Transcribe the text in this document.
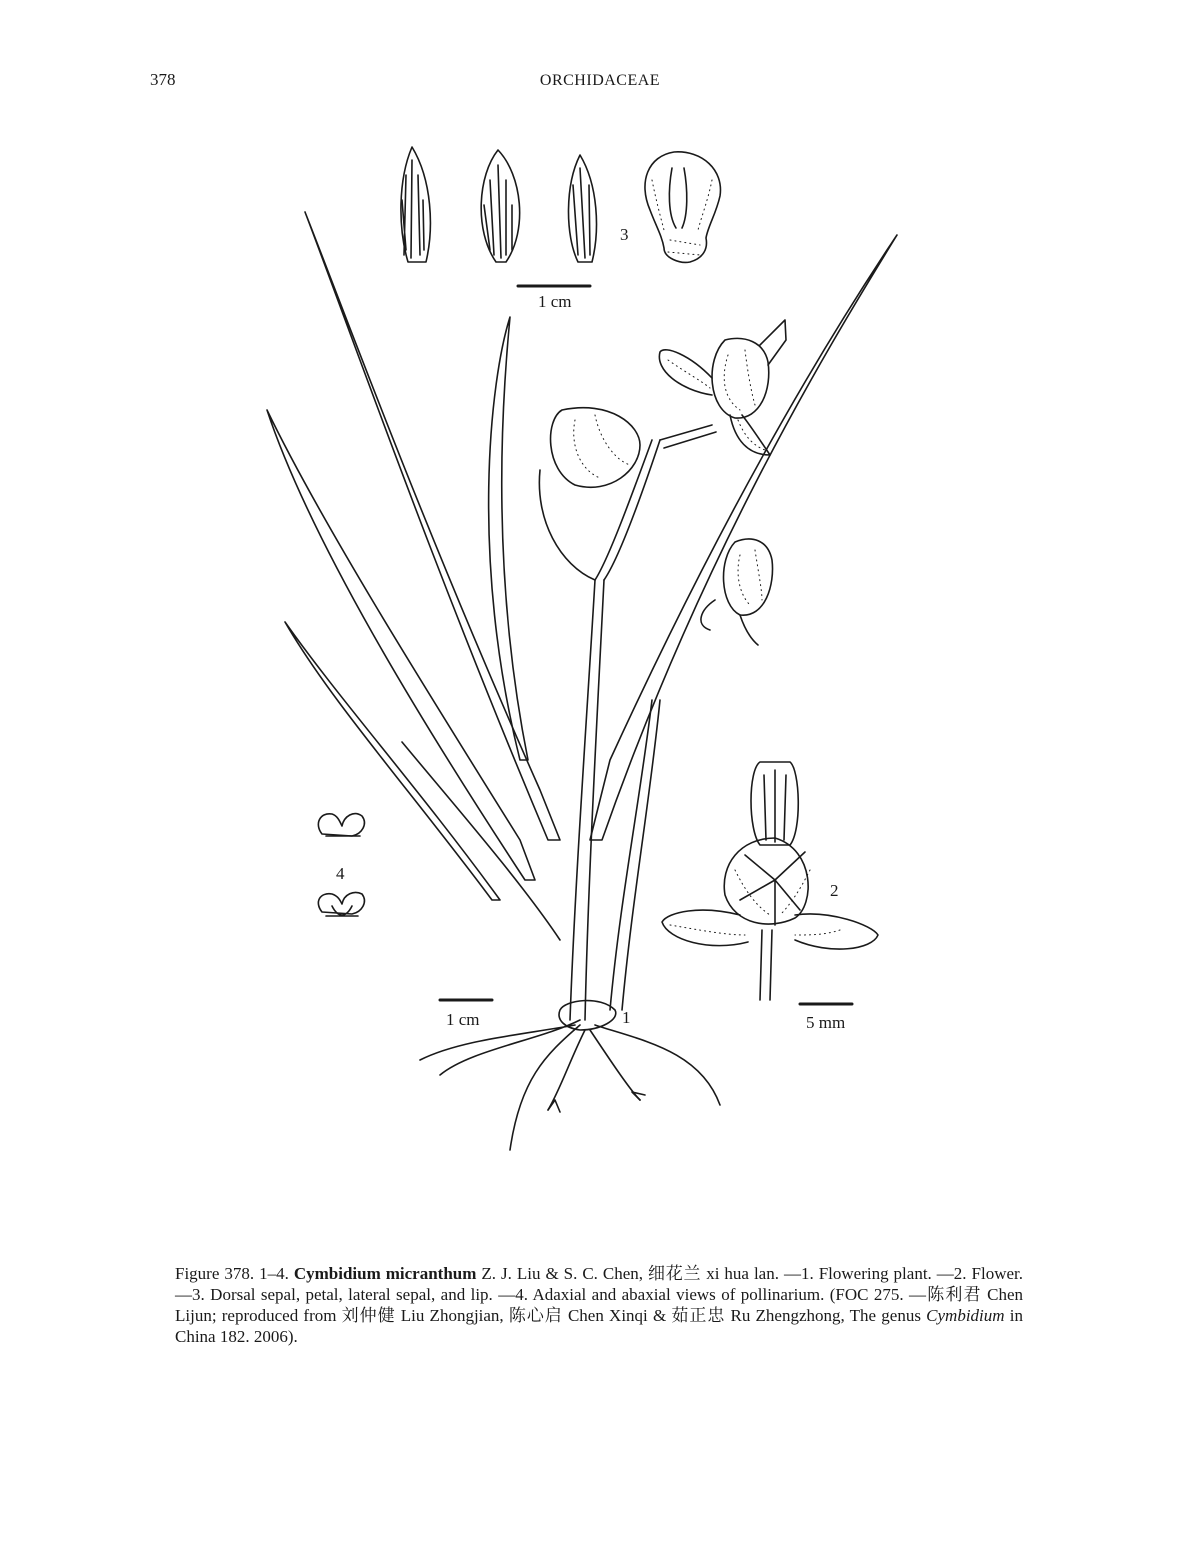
378	ORCHIDACEAE
3
1 cm
4
2
1 cm	1	5 mm

Figure 378. 1–4. Cymbidium micranthum Z. J. Liu & S. C. Chen, 细花兰 xi hua lan. —1. Flowering plant. —2. Flower. —3. Dorsal sepal, petal, lateral sepal, and lip. —4. Adaxial and abaxial views of pollinarium. (FOC 275. —陈利君 Chen Lijun; reproduced from 刘仲健 Liu Zhongjian, 陈心启 Chen Xinqi & 茹正忠 Ru Zhengzhong, The genus Cymbidium in China 182. 2006).
